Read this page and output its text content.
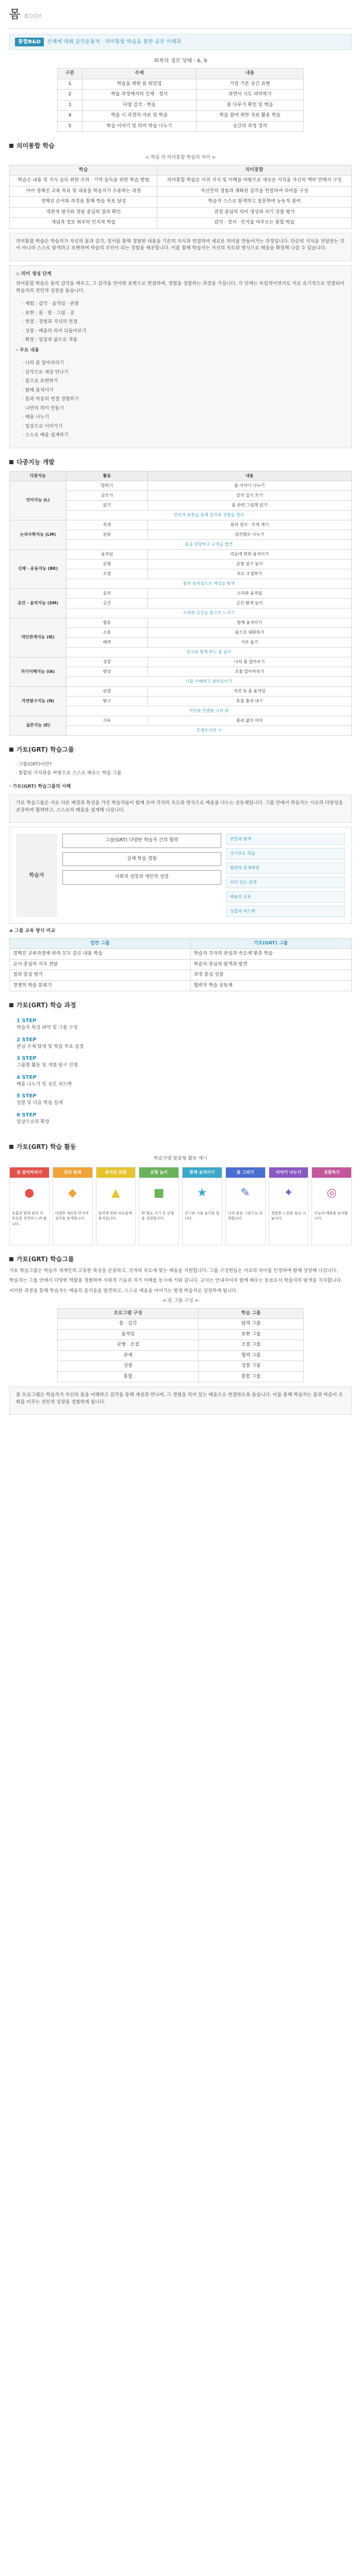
몸 BODY
통합B&D	신체에 대해 감각운동적 · 의미통합 학습을 통한 공부 이해과
회복의 경로 상태 - 6, 9
구분	주제	내용
1	학습을 위한 몸 워밍업	가장 기본 공간 표현
2	학습 과정에서의 신체 · 정서	쉬면서 시도 파악하기
3	다양 감각 · 학습	몸 다루기 확인 및 학습
4	학습 시 과정의 자료 및 학습	학습 참여 위한 자료 활용 학습
5	학습 이야기 및 의미 학습 나누기	공간의 과정 정리
의미통합 학습
< 학습 과 의미통합 학습의 차이 >
학습	의미통합
학습은 내용 및 지식 습득 위한 주의 · 기억 습득을 위한 학습 방법	의미통합 학습은 사전 지식 및 이해를 바탕으로 새로운 지식을 자신의 맥락 안에서 구성
이미 정해진 교육 목표 및 내용을 학습자가 수용하는 과정	자신만의 경험과 체화된 감각을 연결하여 의미를 구성
정해진 순서와 과정을 통해 학습 목표 달성	학습자 스스로 탐색하고 질문하며 능동적 참여
객관적 평가와 정답 중심의 결과 확인	과정 중심의 의미 생성과 자기 성찰 평가
개념과 정보 위주의 인지적 학습	감각 · 정서 · 인지를 아우르는 통합 학습

의미통합 학습은 학습자가 자신의 몸과 감각, 정서를 통해 경험한 내용을 기존의 지식과 연결하여 새로운 의미를 만들어가는 과정입니다. 단순히 지식을 전달받는 것이 아니라 스스로 탐색하고 표현하며 학습의 주인이 되는 경험을 제공합니다. 이를 통해 학습자는 자신의 속도와 방식으로 배움을 확장해 나갈 수 있습니다.

◇ 의미 생성 단계

의미통합 학습은 몸의 감각을 깨우고, 그 감각을 언어와 표현으로 연결하며, 경험을 성찰하는 과정을 거칩니다. 각 단계는 독립적이면서도 서로 유기적으로 연결되어 학습자의 전인적 성장을 돕습니다.

· 체험 : 감각 · 움직임 · 관찰
· 표현 : 몸 · 말 · 그림 · 글
· 연결 : 경험과 지식의 연결
· 성찰 : 배움의 의미 되돌아보기
· 확장 : 일상과 삶으로 적용

- 주요 내용

· 나의 몸 알아차리기
· 감각으로 세상 만나기
· 몸으로 표현하기
· 함께 움직이기
· 몸과 마음의 연결 경험하기
· 나만의 의미 만들기
· 배움 나누기
· 일상으로 이어가기
· 스스로 배움 설계하기
다중지능 개발
다중지능	활동	내용
언어지능 (L)	말하기	몸 이야기 나누기
	글쓰기	감각 일기 쓰기
	읽기	몸 관련 그림책 읽기
	언어적 표현을 통해 감각과 경험을 정리	
논리수학지능 (LM)	측정	몸의 길이 · 무게 재기
	분류	감각별로 나누기
	몸을 관찰하고 규칙을 발견	
신체 · 운동지능 (BK)	움직임	리듬에 맞춰 움직이기
	균형	균형 잡기 놀이
	조절	속도 조절하기
	몸의 움직임으로 세상을 탐색	
공간 · 음악지능 (SM)	음악	소리와 움직임
	공간	공간 탐색 놀이
	소리와 공간을 몸으로 느끼기	
대인관계지능 (IE)	협동	함께 움직이기
	소통	몸으로 대화하기
	배려	서로 돕기
	친구와 함께 하는 몸 놀이	
자기이해지능 (IA)	성찰	나의 몸 알아보기
	명상	호흡 알아차리기
	나를 이해하고 받아들이기	
자연탐구지능 (N)	관찰	자연 속 몸 움직임
	탐구	동물 흉내 내기
	자연과 연결된 나의 몸	
실존지능 (E)	사유	몸과 삶의 의미
	존재로서의 나	
가토(GRT) 학습그룹
· 그룹(GRT)이란?
· 통합된 가치관을 바탕으로 스스로 배우는 학습 그룹
· 가토(GRT) 학습그룹의 이해

가토 학습그룹은 서로 다른 배경과 특성을 가진 학습자들이 함께 모여 각자의 속도와 방식으로 배움을 나누는 공동체입니다. 그룹 안에서 학습자는 서로의 다양성을 존중하며 협력하고, 스스로의 배움을 설계해 나갑니다.

학습자
그룹(GRT) 다양한 학습자 간의 협력
실제 학습 경험
사회적 성장과 개인적 성장
관찰과 탐색
자기주도 학습
협력적 문제해결
의미 있는 관계
배움의 공유
성찰과 피드백
◈ 그룹 교육 방식 비교
일반 그룹	가토(GRT) 그룹
정해진 교육과정에 따라 모두 같은 내용 학습	학습자 각자의 관심과 속도에 맞춘 학습
교사 중심의 지식 전달	학습자 중심의 탐색과 발견
결과 중심 평가	과정 중심 성찰
경쟁적 학습 분위기	협력적 학습 공동체
가토(GRT) 학습 과정
1 STEP
학습자 특성 파악 및 그룹 구성
2 STEP
관심 주제 탐색 및 학습 목표 설정
3 STEP
그룹별 활동 및 개별 탐구 진행
4 STEP
배움 나누기 및 상호 피드백
5 STEP
성찰 및 다음 학습 설계
6 STEP
일상으로의 확장
가토(GRT) 학습 활동
학습자별 맞춤형 활동 예시
몸 알아차리기
●
호흡과 함께 몸의 각 부분을 천천히 느껴 봅니다.
감각 탐색
◆
다양한 재료를 만지며 감각을 탐색합니다.
움직임 표현
▲
음악에 맞춰 자유롭게 움직입니다.
균형 놀이
■
한 발로 서기 등 균형을 경험합니다.
함께 움직이기
★
친구와 거울 놀이를 합니다.
몸 그리기
✎
나의 몸을 그림으로 표현합니다.
이야기 나누기
✦
경험한 느낌을 말로 나눕니다.
성찰하기
◎
오늘의 배움을 돌아봅니다.
가토(GRT) 학습그룹

가토 학습그룹은 학습자 개개인의 고유한 특성을 존중하고, 각자의 속도에 맞는 배움을 지원합니다. 그룹 구성원들은 서로의 차이를 인정하며 함께 성장해 나갑니다.

학습자는 그룹 안에서 다양한 역할을 경험하며 사회적 기술과 자기 이해를 동시에 키워 갑니다. 교사는 안내자이자 함께 배우는 동료로서 학습자의 탐색을 지지합니다.

이러한 과정을 통해 학습자는 배움의 즐거움을 발견하고, 스스로 배움을 이어가는 평생 학습자로 성장하게 됩니다.

< 몸 그룹 구성 >
프로그램 구성	학습 그룹
몸 · 감각	탐색 그룹
움직임	표현 그룹
균형 · 조절	조절 그룹
관계	협력 그룹
성찰	성찰 그룹
통합	통합 그룹

몸 프로그램은 학습자가 자신의 몸을 이해하고 감각을 통해 세상과 만나며, 그 경험을 의미 있는 배움으로 연결하도록 돕습니다. 이를 통해 학습자는 몸과 마음이 조화를 이루는 전인적 성장을 경험하게 됩니다.
